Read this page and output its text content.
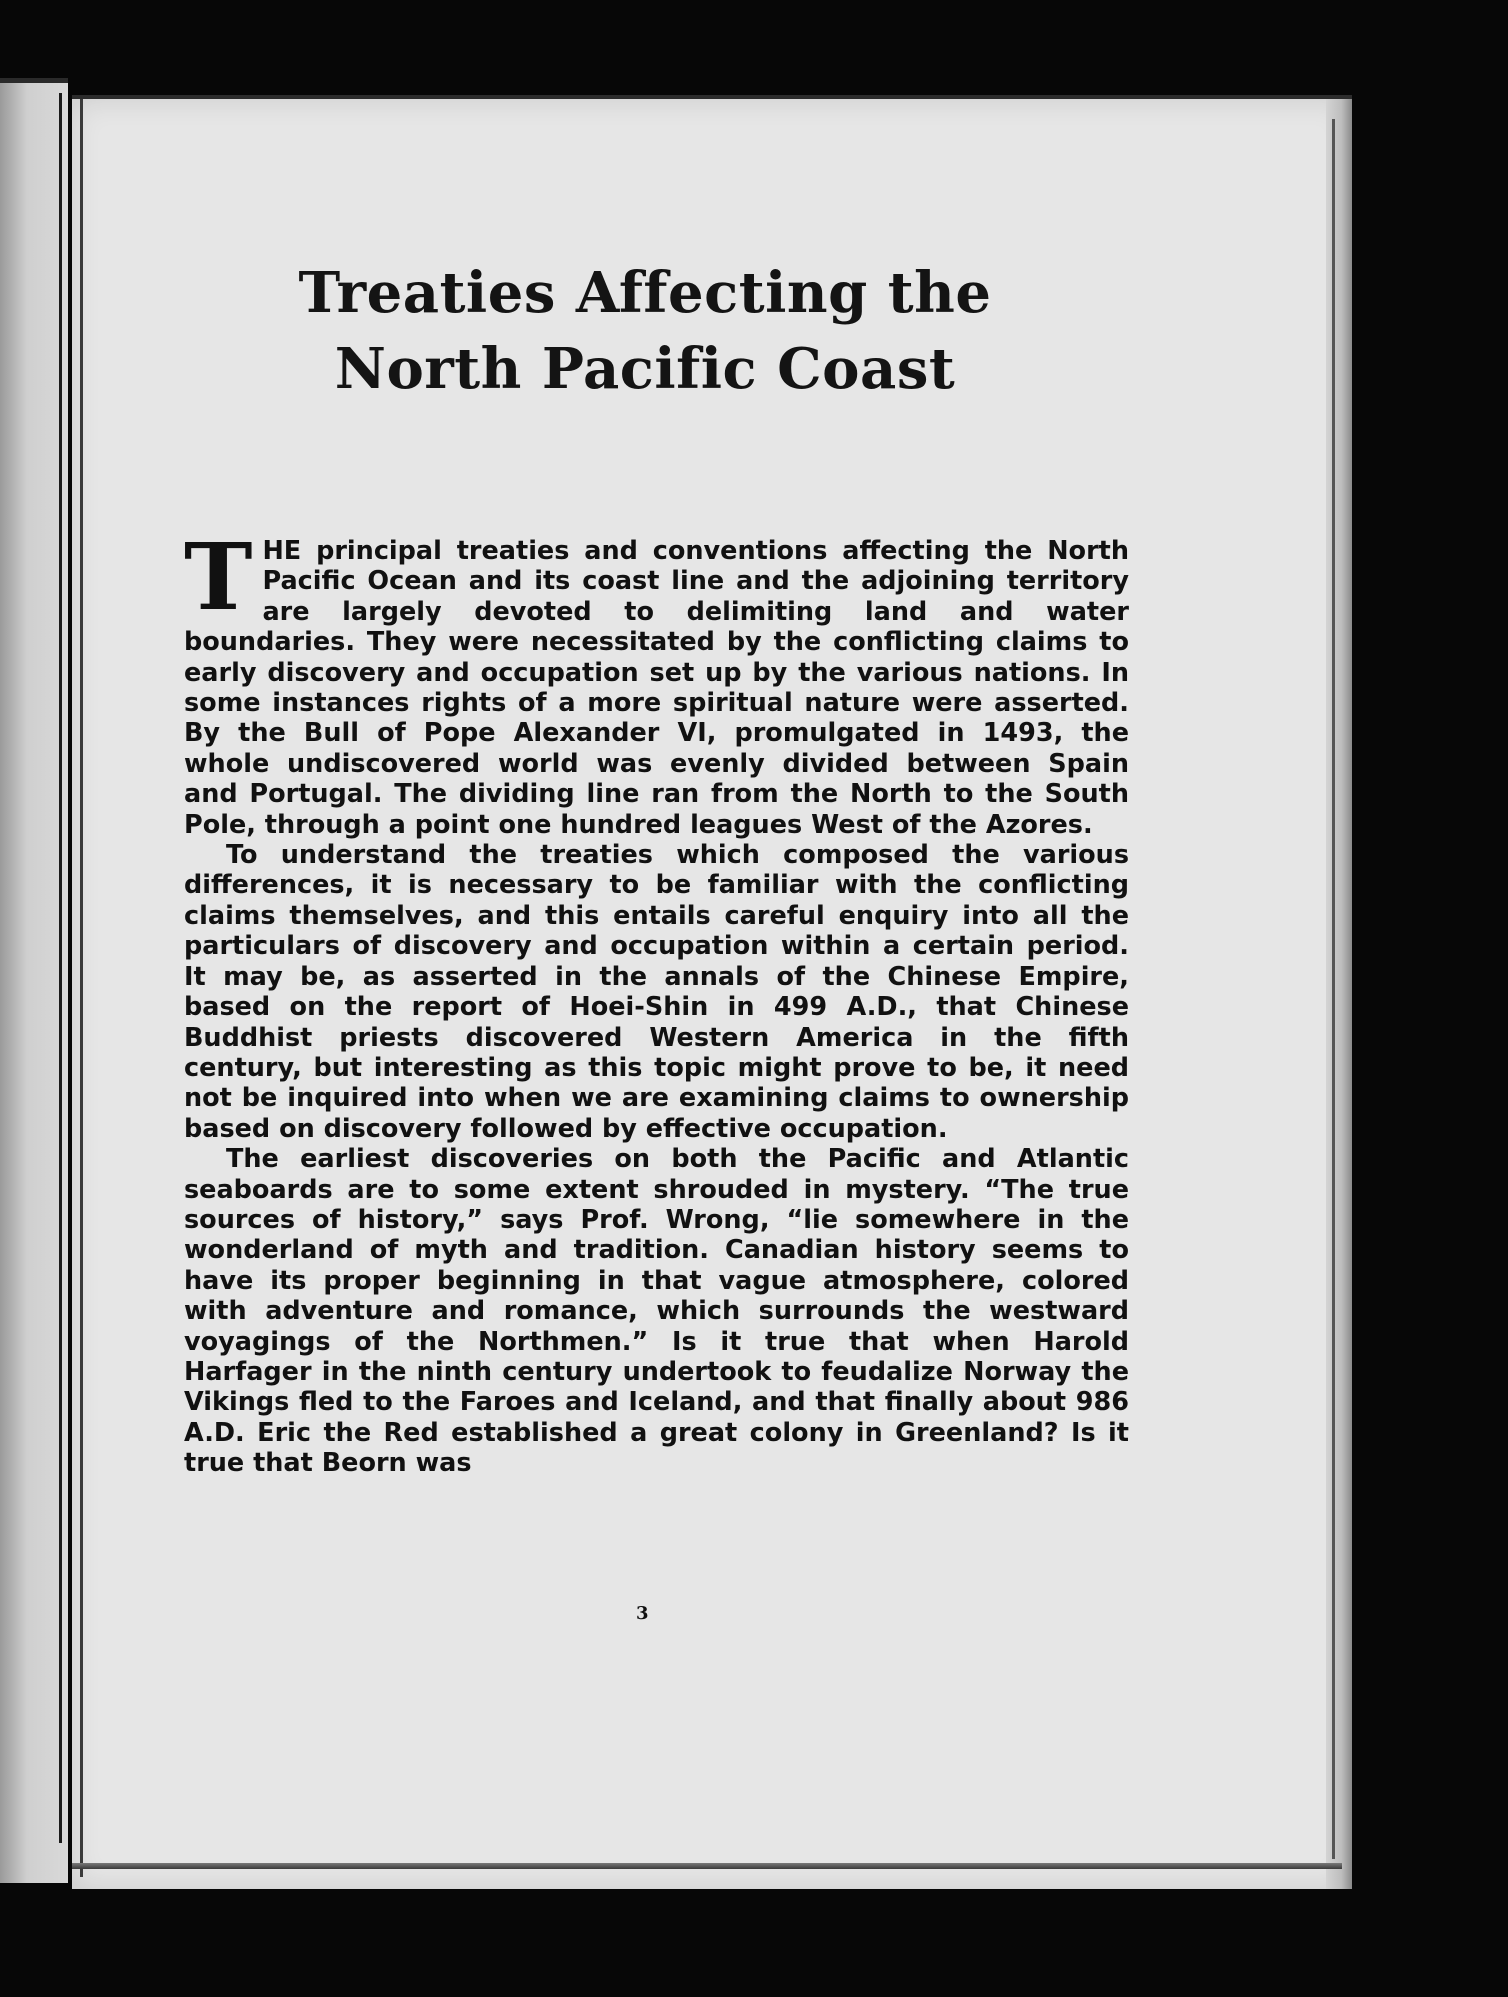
Treaties Affecting the
North Pacific Coast

THE principal treaties and conventions affecting the North Pacific Ocean and its coast line and the adjoining territory are largely devoted to delimiting land and water boundaries. They were necessitated by the conflicting claims to early discovery and occupation set up by the various nations. In some instances rights of a more spiritual nature were asserted. By the Bull of Pope Alexander VI, promulgated in 1493, the whole undiscovered world was evenly divided between Spain and Portugal. The dividing line ran from the North to the South Pole, through a point one hundred leagues West of the Azores.

To understand the treaties which composed the various differences, it is necessary to be familiar with the conflicting claims themselves, and this entails careful enquiry into all the particulars of discovery and occupation within a certain period. It may be, as asserted in the annals of the Chinese Empire, based on the report of Hoei-Shin in 499 A.D., that Chinese Buddhist priests discovered Western America in the fifth century, but interesting as this topic might prove to be, it need not be inquired into when we are examining claims to ownership based on discovery followed by effective occupation.

The earliest discoveries on both the Pacific and Atlantic seaboards are to some extent shrouded in mystery. “The true sources of history,” says Prof. Wrong, “lie somewhere in the wonderland of myth and tradition. Canadian history seems to have its proper beginning in that vague atmosphere, colored with adventure and romance, which surrounds the westward voyagings of the Northmen.” Is it true that when Harold Harfager in the ninth century undertook to feudalize Norway the Vikings fled to the Faroes and Iceland, and that finally about 986 A.D. Eric the Red established a great colony in Greenland? Is it true that Beorn was

3
